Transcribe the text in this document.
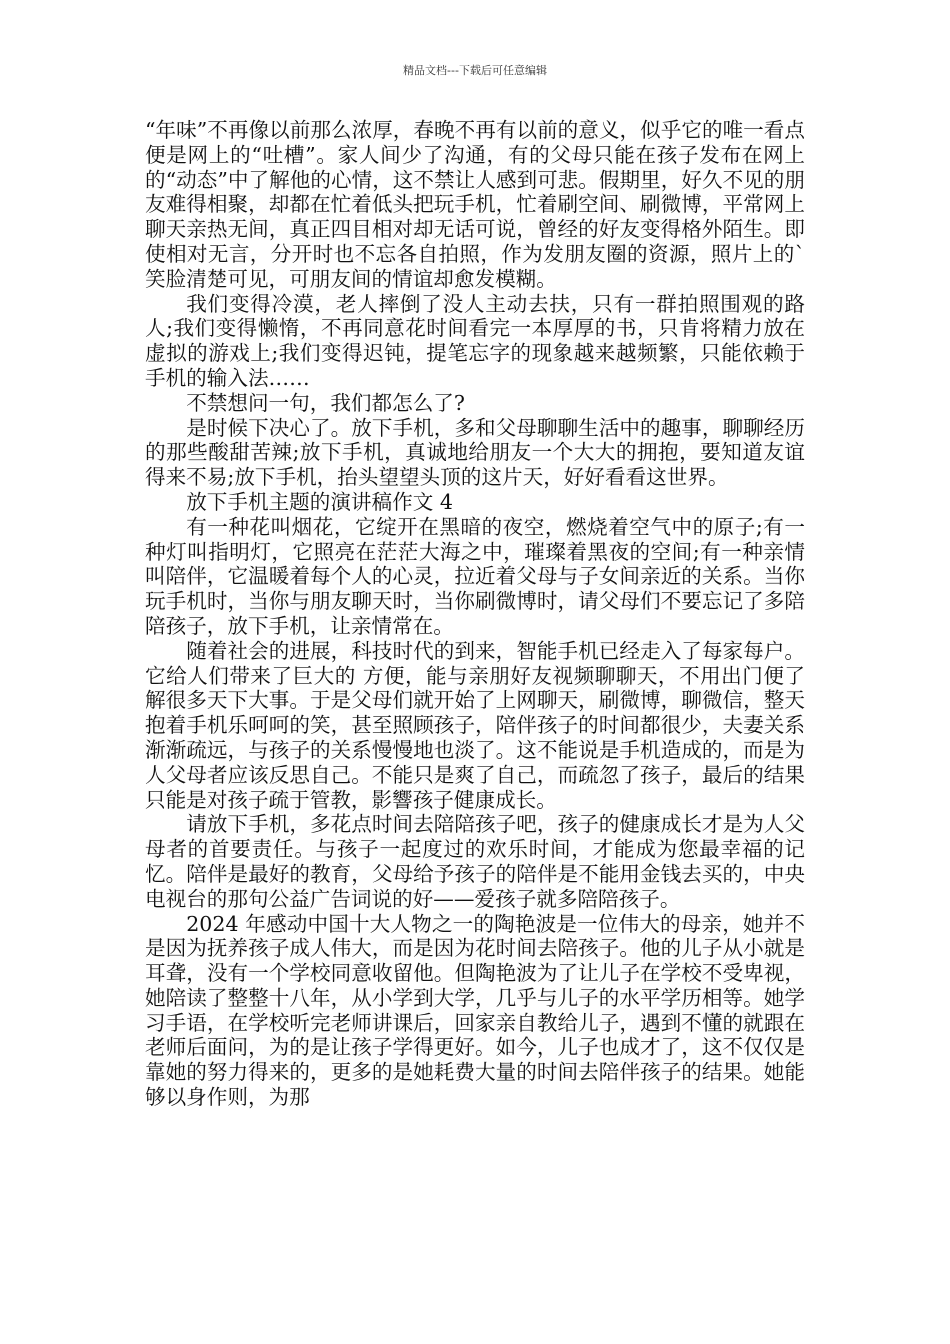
精品文档---下载后可任意编辑

“年味”不再像以前那么浓厚，春晚不再有以前的意义，似乎它的唯一看点便是网上的“吐槽”。家人间少了沟通，有的父母只能在孩子发布在网上的“动态”中了解他的心情，这不禁让人感到可悲。假期里，好久不见的朋友难得相聚，却都在忙着低头把玩手机，忙着刷空间、刷微博，平常网上聊天亲热无间，真正四目相对却无话可说，曾经的好友变得格外陌生。即使相对无言，分开时也不忘各自拍照，作为发朋友圈的资源，照片上的`笑脸清楚可见，可朋友间的情谊却愈发模糊。

我们变得冷漠，老人摔倒了没人主动去扶，只有一群拍照围观的路人;我们变得懒惰，不再同意花时间看完一本厚厚的书，只肯将精力放在虚拟的游戏上;我们变得迟钝，提笔忘字的现象越来越频繁，只能依赖于手机的输入法……

不禁想问一句，我们都怎么了?

是时候下决心了。放下手机，多和父母聊聊生活中的趣事，聊聊经历的那些酸甜苦辣;放下手机，真诚地给朋友一个大大的拥抱，要知道友谊得来不易;放下手机，抬头望望头顶的这片天，好好看看这世界。

放下手机主题的演讲稿作文 4

有一种花叫烟花，它绽开在黑暗的夜空，燃烧着空气中的原子;有一种灯叫指明灯，它照亮在茫茫大海之中，璀璨着黑夜的空间;有一种亲情叫陪伴，它温暖着每个人的心灵，拉近着父母与子女间亲近的关系。当你玩手机时，当你与朋友聊天时，当你刷微博时，请父母们不要忘记了多陪陪孩子，放下手机，让亲情常在。

随着社会的进展，科技时代的到来，智能手机已经走入了每家每户。它给人们带来了巨大的 方便，能与亲朋好友视频聊聊天，不用出门便了解很多天下大事。于是父母们就开始了上网聊天，刷微博，聊微信，整天抱着手机乐呵呵的笑，甚至照顾孩子，陪伴孩子的时间都很少，夫妻关系渐渐疏远，与孩子的关系慢慢地也淡了。这不能说是手机造成的，而是为人父母者应该反思自己。不能只是爽了自己，而疏忽了孩子，最后的结果只能是对孩子疏于管教，影響孩子健康成长。

请放下手机，多花点时间去陪陪孩子吧，孩子的健康成长才是为人父母者的首要责任。与孩子一起度过的欢乐时间，才能成为您最幸福的记忆。陪伴是最好的教育，父母给予孩子的陪伴是不能用金钱去买的，中央电视台的那句公益广告词说的好——爱孩子就多陪陪孩子。

2024 年感动中国十大人物之一的陶艳波是一位伟大的母亲，她并不是因为抚养孩子成人伟大，而是因为花时间去陪孩子。他的儿子从小就是耳聋，没有一个学校同意收留他。但陶艳波为了让儿子在学校不受卑视，她陪读了整整十八年，从小学到大学，几乎与儿子的水平学历相等。她学习手语，在学校听完老师讲课后，回家亲自教给儿子，遇到不懂的就跟在老师后面问，为的是让孩子学得更好。如今，儿子也成才了，这不仅仅是靠她的努力得来的，更多的是她耗费大量的时间去陪伴孩子的结果。她能够以身作则，为那
